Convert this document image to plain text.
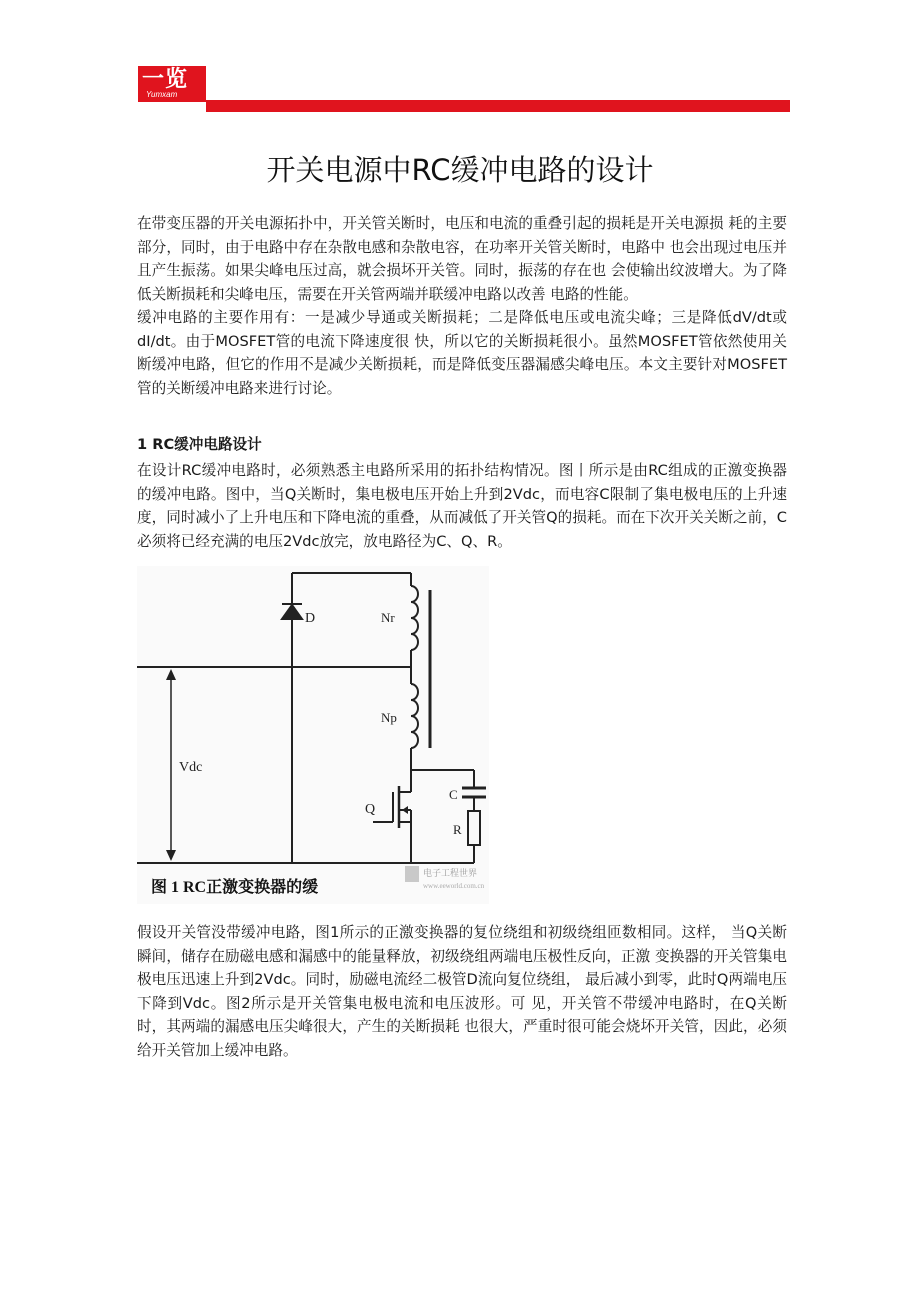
一览
Yumxam
开关电源中RC缓冲电路的设计

在带变压器的开关电源拓扑中，开关管关断时，电压和电流的重叠引起的损耗是开关电源损 耗的主要部分，同时，由于电路中存在杂散电感和杂散电容，在功率开关管关断时，电路中 也会出现过电压并且产生振荡。如果尖峰电压过高，就会损坏开关管。同时，振荡的存在也 会使输出纹波增大。为了降低关断损耗和尖峰电压，需要在开关管两端并联缓冲电路以改善 电路的性能。

缓冲电路的主要作用有：一是减少导通或关断损耗；二是降低电压或电流尖峰；三是降低dV/dt或dI/dt。由于MOSFET管的电流下降速度很 快，所以它的关断损耗很小。虽然MOSFET管依然使用关断缓冲电路，但它的作用不是减少关断损耗，而是降低变压器漏感尖峰电压。本文主要针对MOSFET管的关断缓冲电路来进行讨论。

1 RC缓冲电路设计
在设计RC缓冲电路时，必须熟悉主电路所采用的拓扑结构情况。图丨所示是由RC组成的正激变换器的缓冲电路。图中，当Q关断时，集电极电压开始上升到2Vdc，而电容C限制了集电极电压的上升速度，同时减小了上升电压和下降电流的重叠，从而减低了开关管Q的损耗。而在下次开关关断之前，C必须将已经充满的电压2Vdc放完，放电路径为C、Q、R。
D	Nr
Np
Vdc
C
R
Q
图 1 RC正激变换器的缓
电子工程世界
www.eeworld.com.cn
假设开关管没带缓冲电路，图1所示的正激变换器的复位绕组和初级绕组匝数相同。这样， 当Q关断瞬间，储存在励磁电感和漏感中的能量释放，初级绕组两端电压极性反向，正激 变换器的开关管集电极电压迅速上升到2Vdc。同时，励磁电流经二极管D流向复位绕组， 最后减小到零，此时Q两端电压下降到Vdc。图2所示是开关管集电极电流和电压波形。可 见，开关管不带缓冲电路时，在Q关断时，其两端的漏感电压尖峰很大，产生的关断损耗 也很大，严重时很可能会烧坏开关管，因此，必须给开关管加上缓冲电路。
